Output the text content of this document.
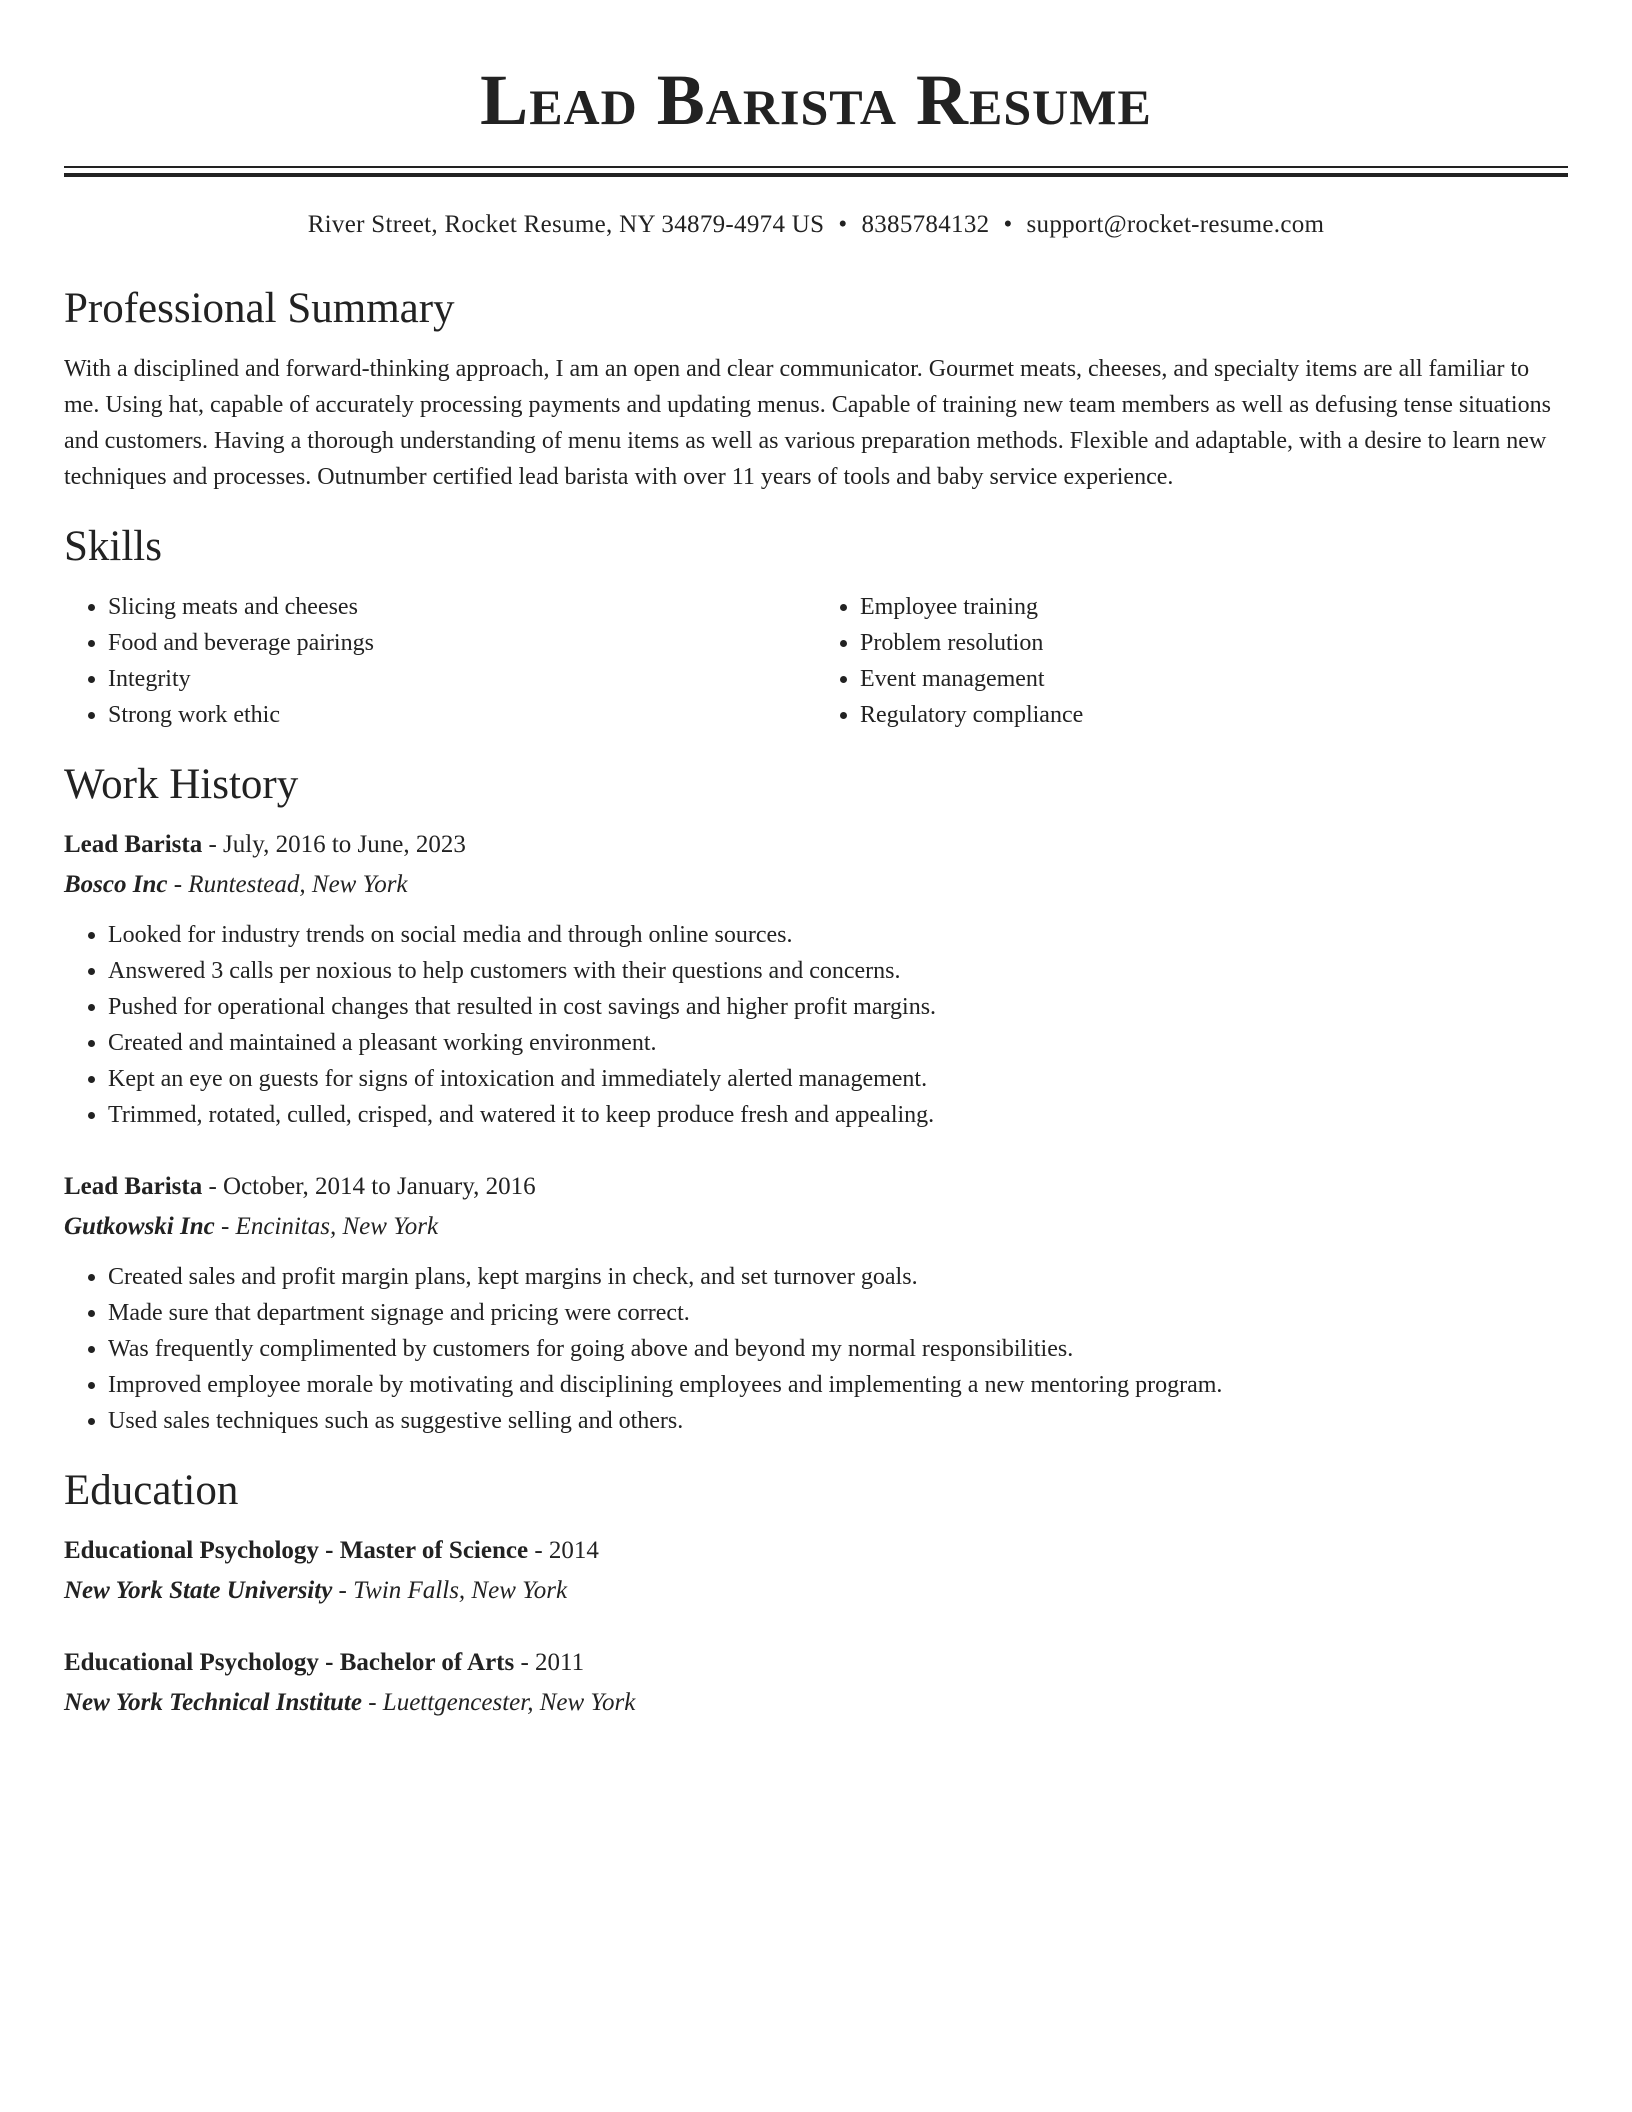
Lead Barista Resume
River Street, Rocket Resume, NY 34879-4974 US • 8385784132 • support@rocket-resume.com
Professional Summary

With a disciplined and forward-thinking approach, I am an open and clear communicator. Gourmet meats, cheeses, and specialty items are all familiar to me. Using hat, capable of accurately processing payments and updating menus. Capable of training new team members as well as defusing tense situations and customers. Having a thorough understanding of menu items as well as various preparation methods. Flexible and adaptable, with a desire to learn new techniques and processes. Outnumber certified lead barista with over 11 years of tools and baby service experience.

Skills
• Slicing meats and cheeses
• Food and beverage pairings
• Integrity
• Strong work ethic
• Employee training
• Problem resolution
• Event management
• Regulatory compliance
Work History
Lead Barista - July, 2016 to June, 2023
Bosco Inc - Runtestead, New York
• Looked for industry trends on social media and through online sources.
• Answered 3 calls per noxious to help customers with their questions and concerns.
• Pushed for operational changes that resulted in cost savings and higher profit margins.
• Created and maintained a pleasant working environment.
• Kept an eye on guests for signs of intoxication and immediately alerted management.
• Trimmed, rotated, culled, crisped, and watered it to keep produce fresh and appealing.
Lead Barista - October, 2014 to January, 2016
Gutkowski Inc - Encinitas, New York
• Created sales and profit margin plans, kept margins in check, and set turnover goals.
• Made sure that department signage and pricing were correct.
• Was frequently complimented by customers for going above and beyond my normal responsibilities.
• Improved employee morale by motivating and disciplining employees and implementing a new mentoring program.
• Used sales techniques such as suggestive selling and others.
Education
Educational Psychology - Master of Science - 2014
New York State University - Twin Falls, New York
Educational Psychology - Bachelor of Arts - 2011
New York Technical Institute - Luettgencester, New York
